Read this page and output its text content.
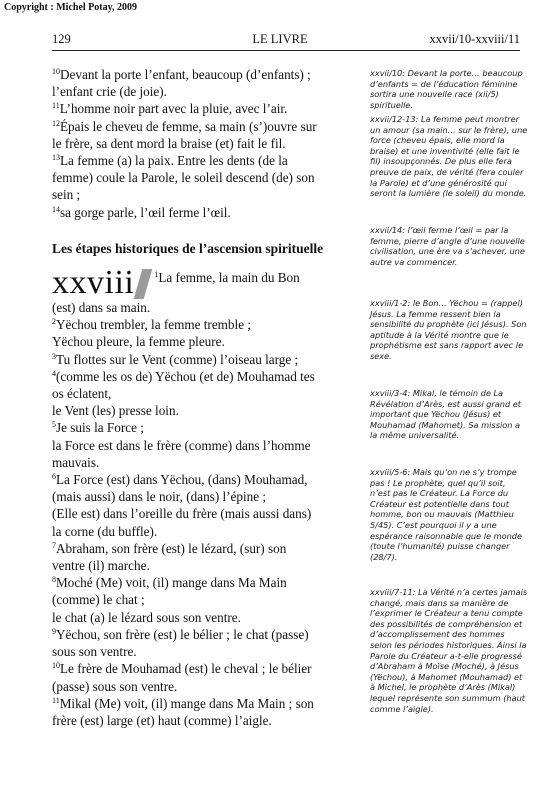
Copyright : Michel Potay, 2009
129	LE LIVRE	xxvii/10-xxviii/11

$^{10}$Devant la porte l’enfant, beaucoup (d’enfants) ;

l’enfant crie (de joie).

$^{11}$L’homme noir part avec la pluie, avec l’air.

$^{12}$Épais le cheveu de femme, sa main (s’)ouvre sur

le frère, sa dent mord la braise (et) fait le fil.

$^{13}$La femme (a) la paix. Entre les dents (de la

femme) coule la Parole, le soleil descend (de) son

sein ;

$^{14}$sa gorge parle, l’œil ferme l’œil.

Les étapes historiques de l’ascension spirituelle

xxviii	$^1$La femme, la main du Bon

(est) dans sa main.

$^2$Yëchou trembler, la femme tremble ;

Yëchou pleure, la femme pleure.

$^3$Tu flottes sur le Vent (comme) l’oiseau large ;

$^4$(comme les os de) Yëchou (et de) Mouhamad tes

os éclatent,

le Vent (les) presse loin.

$^5$Je suis la Force ;

la Force est dans le frère (comme) dans l’homme

mauvais.

$^6$La Force (est) dans Yëchou, (dans) Mouhamad,

(mais aussi) dans le noir, (dans) l’épine ;

(Elle est) dans l’oreille du frère (mais aussi dans)

la corne (du buffle).

$^7$Abraham, son frère (est) le lézard, (sur) son

ventre (il) marche.

$^8$Moché (Me) voit, (il) mange dans Ma Main

(comme) le chat ;

le chat (a) le lézard sous son ventre.

$^9$Yëchou, son frère (est) le bélier ; le chat (passe)

sous son ventre.

$^{10}$Le frère de Mouhamad (est) le cheval ; le bélier

(passe) sous son ventre.

$^{11}$Mikal (Me) voit, (il) mange dans Ma Main ; son

frère (est) large (et) haut (comme) l’aigle.

xxvii/10: Devant la porte… beaucoup d’enfants = de l’éducation féminine sortira une nouvelle race (xii/5) spirituelle.
xxvii/12-13: La femme peut montrer un amour (sa main… sur le frère), une force (cheveu épais, elle mord la braise) et une inventivité (elle fait le fil) insoupçonnés. De plus elle fera preuve de paix, de vérité (fera couler la Parole) et d’une générosité qui seront la lumière (le soleil) du monde.
xxvii/14: l’œil ferme l’œil = par la femme, pierre d’angle d’une nouvelle civilisation, une ère va s’achever, une autre va commencer.
xxviii/1-2: le Bon… Yëchou = (rappel) Jésus. La femme ressent bien la sensibilité du prophète (ici Jésus). Son aptitude à la Vérité montre que le prophétisme est sans rapport avec le sexe.
xxviii/3-4: Mikal, le témoin de La Révélation d’Arès, est aussi grand et important que Yëchou (Jésus) et Mouhamad (Mahomet). Sa mission a la même universalité.
xxviii/5-6: Mais qu’on ne s’y trompe pas ! Le prophète, quel qu’il soit, n’est pas le Créateur. La Force du Créateur est potentielle dans tout homme, bon ou mauvais (Matthieu 5/45). C’est pourquoi il y a une espérance raisonnable que le monde (toute l’humanité) puisse changer (28/7).
xxviii/7-11: La Vérité n’a certes jamais changé, mais dans sa manière de l’exprimer le Créateur a tenu compte des possibilités de compréhension et d’accomplissement des hommes selon les périodes historiques. Ainsi la Parole du Créateur a-t-elle progressé d’Abraham à Moïse (Moché), à Jésus (Yëchou), à Mahomet (Mouhamad) et à Michel, le prophète d’Arès (Mikal) lequel représente son summum (haut comme l’aigle).
